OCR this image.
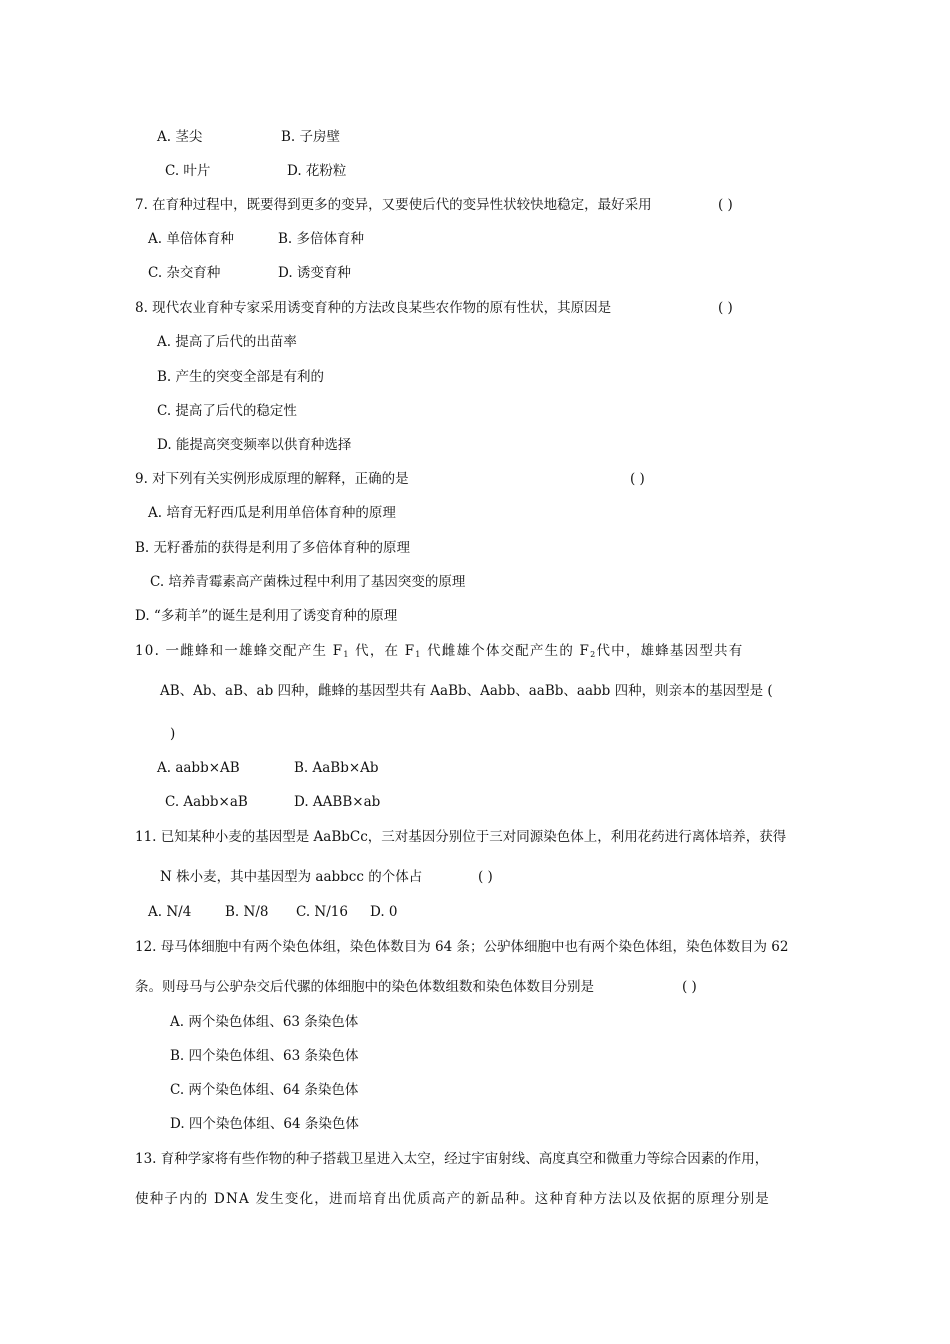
A. 茎尖	B. 子房壁
C. 叶片	D. 花粉粒
7. 在育种过程中，既要得到更多的变异，又要使后代的变异性状较快地稳定，最好采用	( )
A. 单倍体育种	B. 多倍体育种
C. 杂交育种	D. 诱变育种
8. 现代农业育种专家采用诱变育种的方法改良某些农作物的原有性状，其原因是	( )
A. 提高了后代的出苗率
B. 产生的突变全部是有利的
C. 提高了后代的稳定性
D. 能提高突变频率以供育种选择
9. 对下列有关实例形成原理的解释，正确的是	( )
A. 培育无籽西瓜是利用单倍体育种的原理
B. 无籽番茄的获得是利用了多倍体育种的原理
C. 培养青霉素高产菌株过程中利用了基因突变的原理
D. “多莉羊”的诞生是利用了诱变育种的原理
10. 一雌蜂和一雄蜂交配产生 $F_1$ 代，在 $F_1$ 代雌雄个体交配产生的 $F_2$代中，雄蜂基因型共有
AB、Ab、aB、ab 四种，雌蜂的基因型共有 AaBb、Aabb、aaBb、aabb 四种，则亲本的基因型是 (
)
A. aabb×AB	B. AaBb×Ab
C. Aabb×aB	D. AABB×ab
11. 已知某种小麦的基因型是 AaBbCc，三对基因分别位于三对同源染色体上，利用花药进行离体培养，获得
N 株小麦，其中基因型为 aabbcc 的个体占	( )
A. N/4 B. N/8 C. N/16 D. 0
12. 母马体细胞中有两个染色体组，染色体数目为 64 条；公驴体细胞中也有两个染色体组，染色体数目为 62
条。则母马与公驴杂交后代骡的体细胞中的染色体数组数和染色体数目分别是	( )
A. 两个染色体组、63 条染色体
B. 四个染色体组、63 条染色体
C. 两个染色体组、64 条染色体
D. 四个染色体组、64 条染色体
13. 育种学家将有些作物的种子搭载卫星进入太空，经过宇宙射线、高度真空和微重力等综合因素的作用，
使种子内的 DNA 发生变化，进而培育出优质高产的新品种。这种育种方法以及依据的原理分别是
